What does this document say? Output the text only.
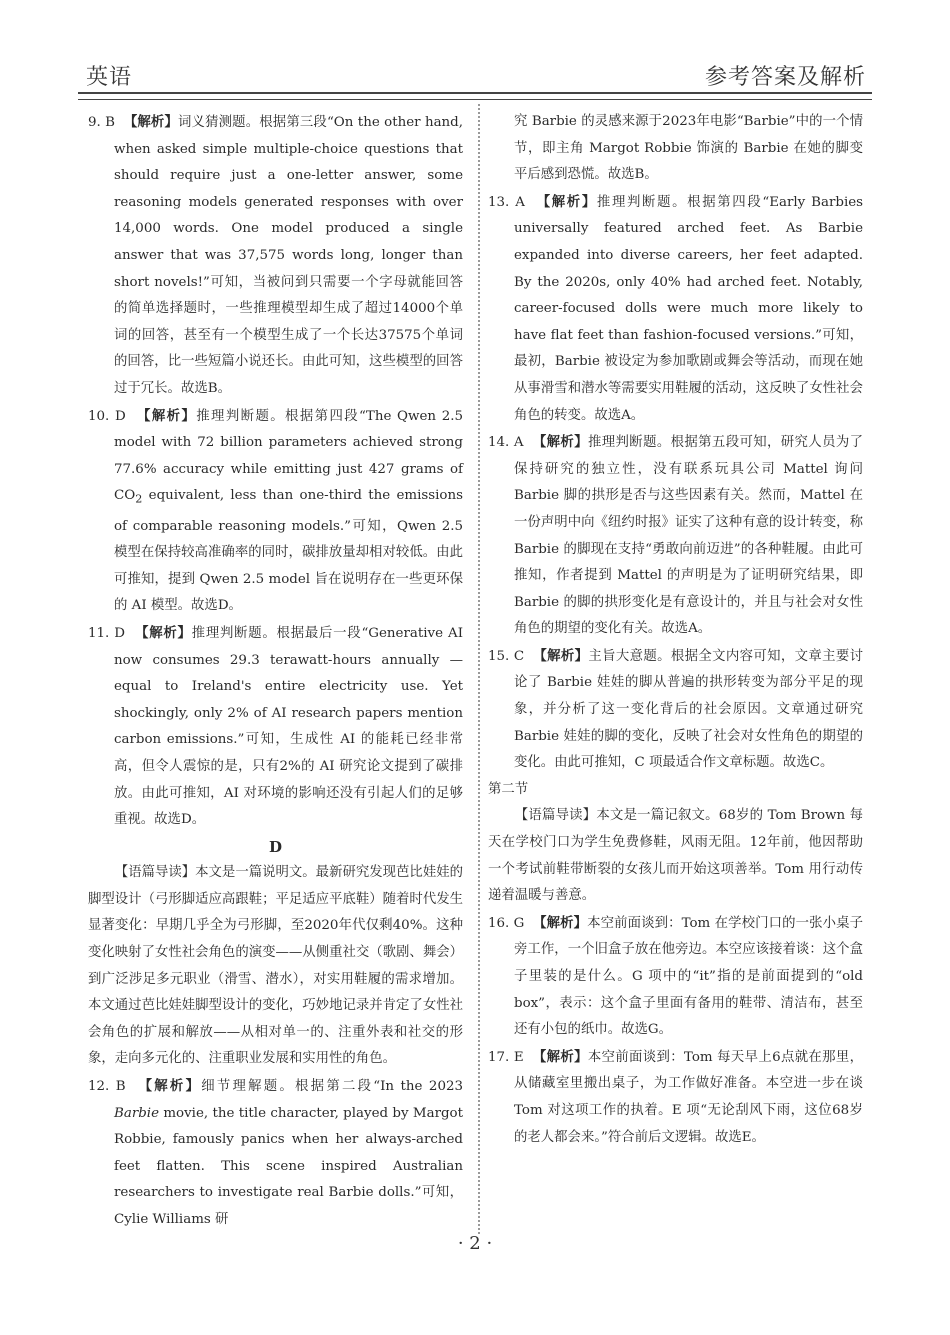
英语	参考答案及解析

9. B 【解析】词义猜测题。根据第三段“On the other hand, when asked simple multiple-choice questions that should require just a one-letter answer, some reasoning models generated responses with over 14,000 words. One model produced a single answer that was 37,575 words long, longer than short novels!”可知，当被问到只需要一个字母就能回答的简单选择题时，一些推理模型却生成了超过14000个单词的回答，甚至有一个模型生成了一个长达37575个单词的回答，比一些短篇小说还长。由此可知，这些模型的回答过于冗长。故选B。

10. D 【解析】推理判断题。根据第四段“The Qwen 2.5 model with 72 billion parameters achieved strong 77.6% accuracy while emitting just 427 grams of $CO_2$ equivalent, less than one-third the emissions of comparable reasoning models.”可知，Qwen 2.5 模型在保持较高准确率的同时，碳排放量却相对较低。由此可推知，提到 Qwen 2.5 model 旨在说明存在一些更环保的 AI 模型。故选D。

11. D 【解析】推理判断题。根据最后一段“Generative AI now consumes 29.3 terawatt-hours annually — equal to Ireland's entire electricity use. Yet shockingly, only 2% of AI research papers mention carbon emissions.”可知，生成性 AI 的能耗已经非常高，但令人震惊的是，只有2%的 AI 研究论文提到了碳排放。由此可推知，AI 对环境的影响还没有引起人们的足够重视。故选D。

D

【语篇导读】本文是一篇说明文。最新研究发现芭比娃娃的脚型设计（弓形脚适应高跟鞋；平足适应平底鞋）随着时代发生显著变化：早期几乎全为弓形脚，至2020年代仅剩40%。这种变化映射了女性社会角色的演变——从侧重社交（歌剧、舞会）到广泛涉足多元职业（滑雪、潜水），对实用鞋履的需求增加。本文通过芭比娃娃脚型设计的变化，巧妙地记录并肯定了女性社会角色的扩展和解放——从相对单一的、注重外表和社交的形象，走向多元化的、注重职业发展和实用性的角色。

12. B 【解析】细节理解题。根据第二段“In the 2023 Barbie movie, the title character, played by Margot Robbie, famously panics when her always-arched feet flatten. This scene inspired Australian researchers to investigate real Barbie dolls.”可知，Cylie Williams 研

究 Barbie 的灵感来源于2023年电影“Barbie”中的一个情节，即主角 Margot Robbie 饰演的 Barbie 在她的脚变平后感到恐慌。故选B。

13. A 【解析】推理判断题。根据第四段“Early Barbies universally featured arched feet. As Barbie expanded into diverse careers, her feet adapted. By the 2020s, only 40% had arched feet. Notably, career-focused dolls were much more likely to have flat feet than fashion-focused versions.”可知，最初，Barbie 被设定为参加歌剧或舞会等活动，而现在她从事滑雪和潜水等需要实用鞋履的活动，这反映了女性社会角色的转变。故选A。

14. A 【解析】推理判断题。根据第五段可知，研究人员为了保持研究的独立性，没有联系玩具公司 Mattel 询问 Barbie 脚的拱形是否与这些因素有关。然而，Mattel 在一份声明中向《纽约时报》证实了这种有意的设计转变，称 Barbie 的脚现在支持“勇敢向前迈进”的各种鞋履。由此可推知，作者提到 Mattel 的声明是为了证明研究结果，即 Barbie 的脚的拱形变化是有意设计的，并且与社会对女性角色的期望的变化有关。故选A。

15. C 【解析】主旨大意题。根据全文内容可知，文章主要讨论了 Barbie 娃娃的脚从普遍的拱形转变为部分平足的现象，并分析了这一变化背后的社会原因。文章通过研究 Barbie 娃娃的脚的变化，反映了社会对女性角色的期望的变化。由此可推知，C 项最适合作文章标题。故选C。

第二节

【语篇导读】本文是一篇记叙文。68岁的 Tom Brown 每天在学校门口为学生免费修鞋，风雨无阻。12年前，他因帮助一个考试前鞋带断裂的女孩儿而开始这项善举。Tom 用行动传递着温暖与善意。

16. G 【解析】本空前面谈到：Tom 在学校门口的一张小桌子旁工作，一个旧盒子放在他旁边。本空应该接着谈：这个盒子里装的是什么。G 项中的“it”指的是前面提到的“old box”，表示：这个盒子里面有备用的鞋带、清洁布，甚至还有小包的纸巾。故选G。

17. E 【解析】本空前面谈到：Tom 每天早上6点就在那里，从储藏室里搬出桌子，为工作做好准备。本空进一步在谈 Tom 对这项工作的执着。E 项“无论刮风下雨，这位68岁的老人都会来。”符合前后文逻辑。故选E。

· 2 ·
